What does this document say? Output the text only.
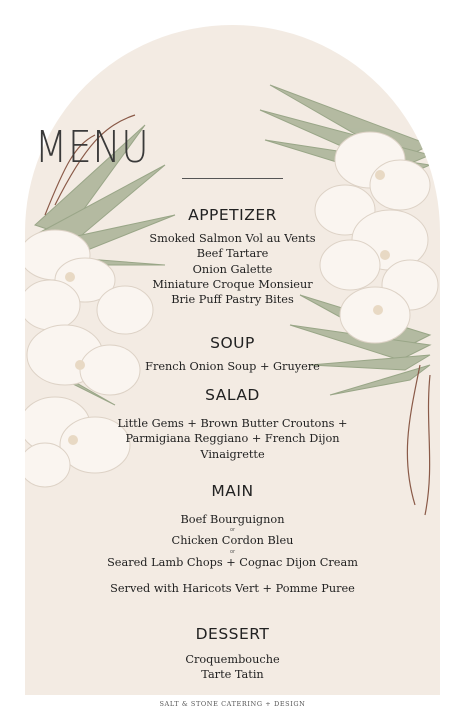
MENU
APPETIZER
Smoked Salmon Vol au Vents
Beef Tartare
Onion Galette
Miniature Croque Monsieur
Brie Puff Pastry Bites
SOUP
French Onion Soup + Gruyere
SALAD
Little Gems + Brown Butter Croutons +
Parmigiana Reggiano + French Dijon
Vinaigrette
MAIN
Boef Bourguignon
or
Chicken Cordon Bleu
or
Seared Lamb Chops + Cognac Dijon Cream
Served with Haricots Vert + Pomme Puree
DESSERT
Croquembouche
Tarte Tatin
SALT & STONE CATERING + DESIGN
